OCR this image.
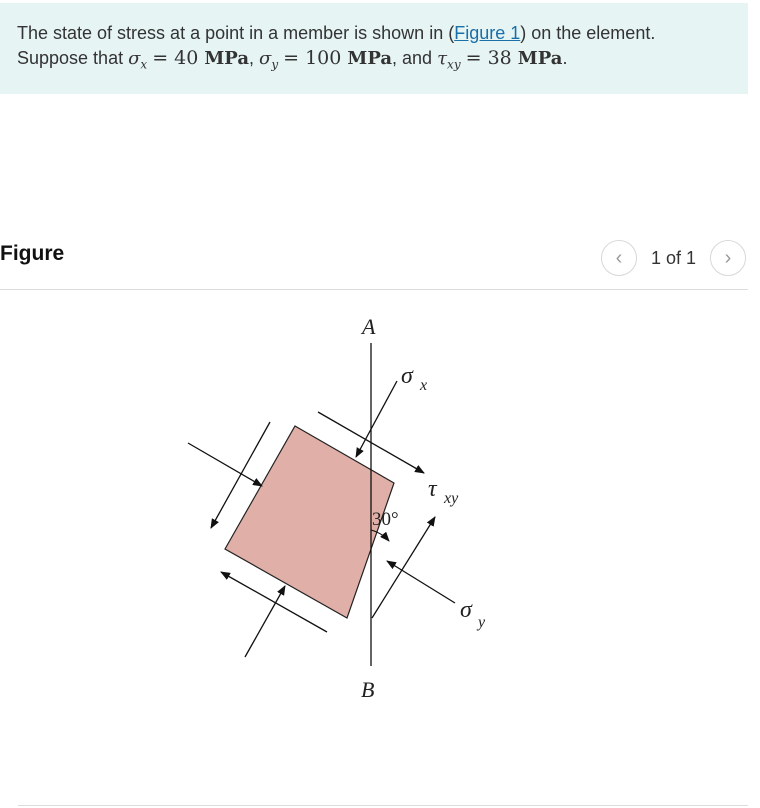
The state of stress at a point in a member is shown in (Figure 1) on the element.
Suppose that $\sigma_x = 40$ MPa, $\sigma_y = 100$ MPa, and $\tau_{xy} = 38$ MPa.
Figure	‹ 1 of 1 ›
A
B
σ x
τ xy
σ y
30°
